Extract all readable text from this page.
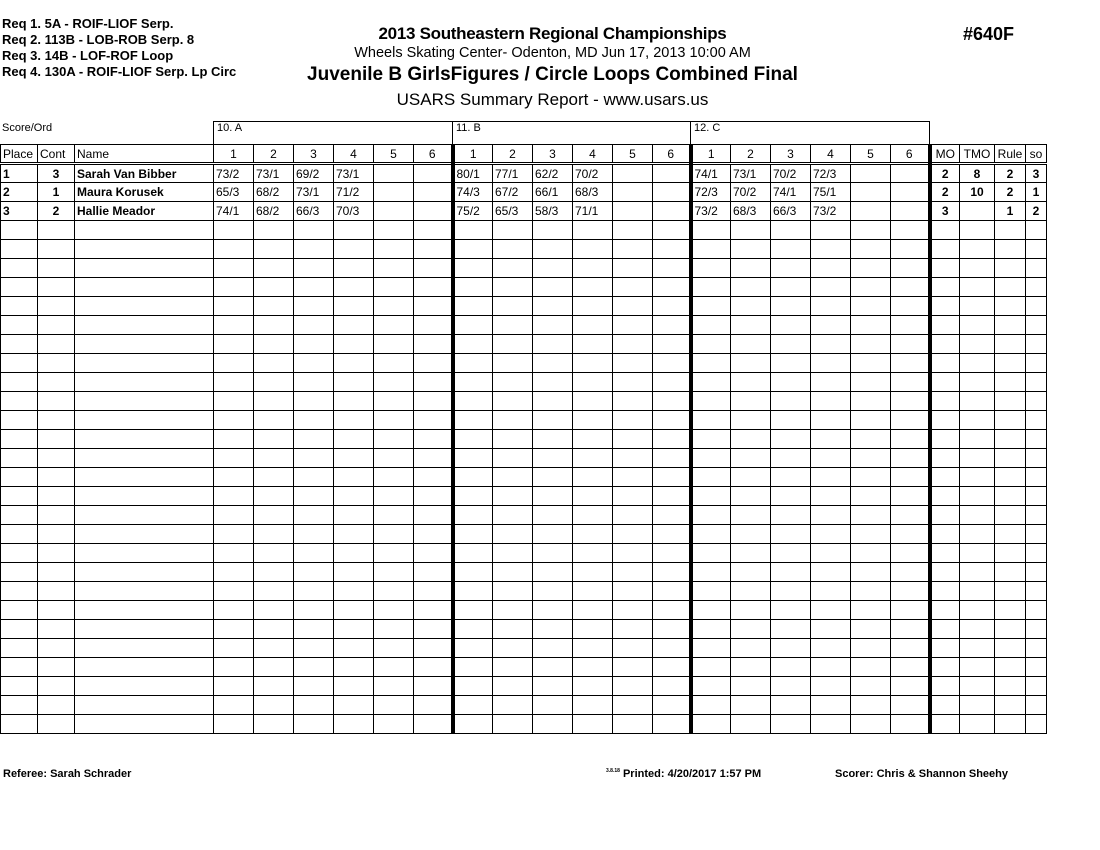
Req 1. 5A - ROIF-LIOF Serp.
Req 2. 113B - LOB-ROB Serp. 8
Req 3. 14B - LOF-ROF Loop
Req 4. 130A - ROIF-LIOF Serp. Lp Circ
2013 Southeastern Regional Championships
Wheels Skating Center- Odenton, MD Jun 17, 2013 10:00 AM
Juvenile B GirlsFigures / Circle Loops Combined Final
USARS Summary Report - www.usars.us
#640F
Score/Ord	10. A	11. B	12. C
Place	Cont	Name	1	2	3	4	5	6	1	2	3	4	5	6	1	2	3	4	5	6	MO	TMO	Rule	so
1	3	Sarah Van Bibber	73/2	73/1	69/2	73/1			80/1	77/1	62/2	70/2			74/1	73/1	70/2	72/3			2	8	2	3
2	1	Maura Korusek	65/3	68/2	73/1	71/2			74/3	67/2	66/1	68/3			72/3	70/2	74/1	75/1			2	10	2	1
3	2	Hallie Meador	74/1	68/2	66/3	70/3			75/2	65/3	58/3	71/1			73/2	68/3	66/3	73/2			3		1	2

Referee: Sarah Schrader	$^{3.8.18}$ Printed: 4/20/2017 1:57 PM	Scorer: Chris & Shannon Sheehy
